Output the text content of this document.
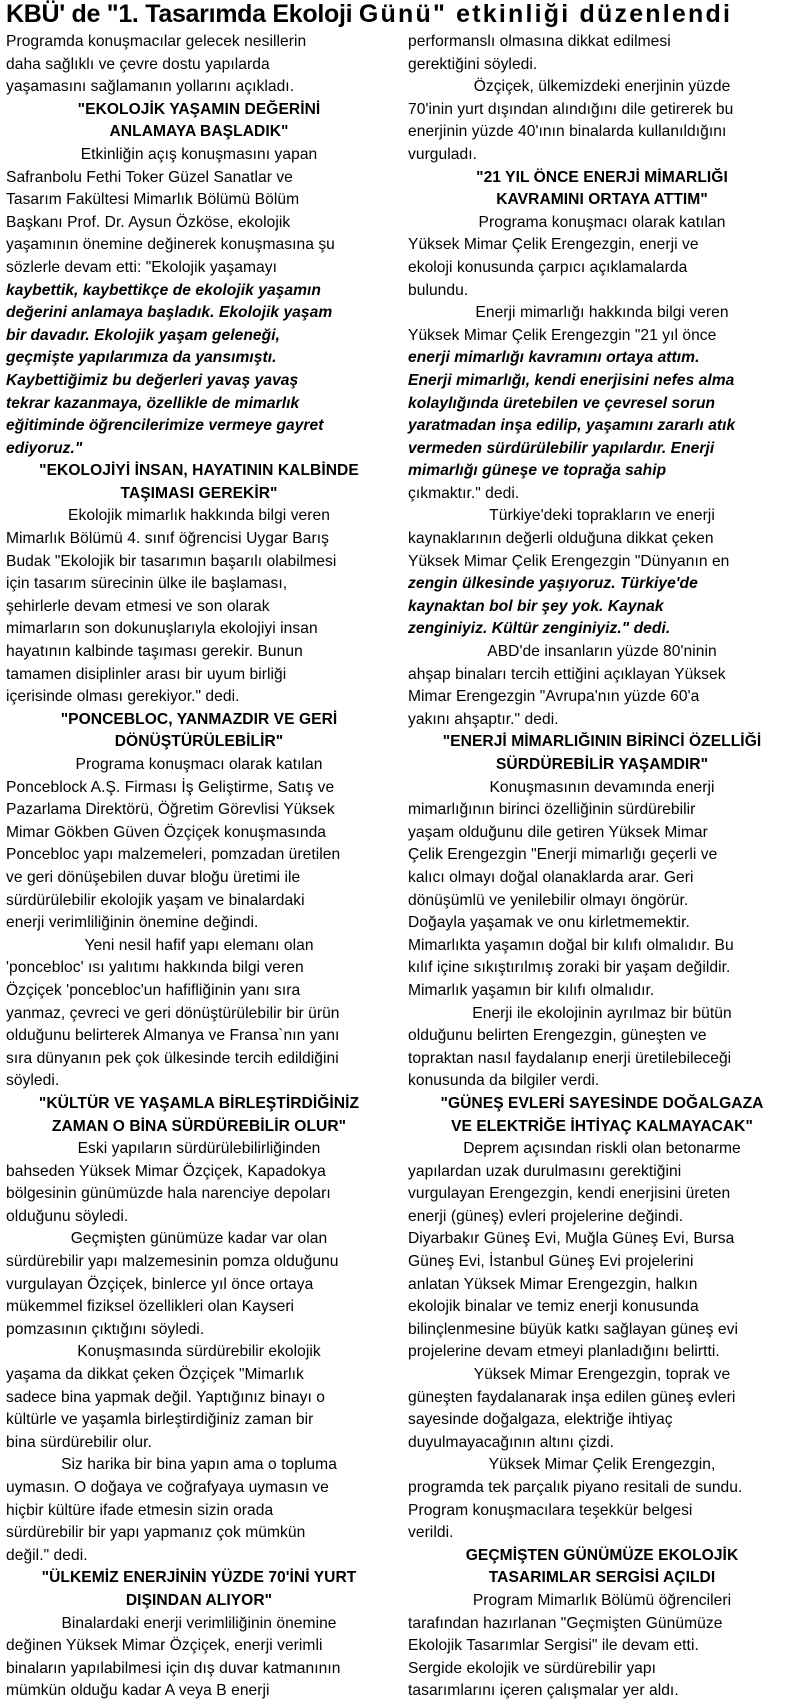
KBÜ' de "1. Tasarımda Ekoloji Günü" etkinliği düzenlendi
Programda konuşmacılar gelecek nesillerin
daha sağlıklı ve çevre dostu yapılarda
yaşamasını sağlamanın yollarını açıkladı.
"EKOLOJİK YAŞAMIN DEĞERİNİ
ANLAMAYA BAŞLADIK"
Etkinliğin açış konuşmasını yapan
Safranbolu Fethi Toker Güzel Sanatlar ve
Tasarım Fakültesi Mimarlık Bölümü Bölüm
Başkanı Prof. Dr. Aysun Özköse, ekolojik
yaşamının önemine değinerek konuşmasına şu
sözlerle devam etti: "Ekolojik yaşamayı
kaybettik, kaybettikçe de ekolojik yaşamın
değerini anlamaya başladık. Ekolojik yaşam
bir davadır. Ekolojik yaşam geleneği,
geçmişte yapılarımıza da yansımıştı.
Kaybettiğimiz bu değerleri yavaş yavaş
tekrar kazanmaya, özellikle de mimarlık
eğitiminde öğrencilerimize vermeye gayret
ediyoruz."
"EKOLOJİYİ İNSAN, HAYATININ KALBİNDE
TAŞIMASI GEREKİR"
Ekolojik mimarlık hakkında bilgi veren
Mimarlık Bölümü 4. sınıf öğrencisi Uygar Barış
Budak "Ekolojik bir tasarımın başarılı olabilmesi
için tasarım sürecinin ülke ile başlaması,
şehirlerle devam etmesi ve son olarak
mimarların son dokunuşlarıyla ekolojiyi insan
hayatının kalbinde taşıması gerekir. Bunun
tamamen disiplinler arası bir uyum birliği
içerisinde olması gerekiyor." dedi.
"PONCEBLOC, YANMAZDIR VE GERİ
DÖNÜŞTÜRÜLEBİLİR"
Programa konuşmacı olarak katılan
Ponceblock A.Ş. Firması İş Geliştirme, Satış ve
Pazarlama Direktörü, Öğretim Görevlisi Yüksek
Mimar Gökben Güven Özçiçek konuşmasında
Poncebloc yapı malzemeleri, pomzadan üretilen
ve geri dönüşebilen duvar bloğu üretimi ile
sürdürülebilir ekolojik yaşam ve binalardaki
enerji verimliliğinin önemine değindi.
Yeni nesil hafif yapı elemanı olan
'poncebloc' ısı yalıtımı hakkında bilgi veren
Özçiçek 'poncebloc'un hafifliğinin yanı sıra
yanmaz, çevreci ve geri dönüştürülebilir bir ürün
olduğunu belirterek Almanya ve Fransa`nın yanı
sıra dünyanın pek çok ülkesinde tercih edildiğini
söyledi.
"KÜLTÜR VE YAŞAMLA BİRLEŞTİRDİĞİNİZ
ZAMAN O BİNA SÜRDÜREBİLİR OLUR"
Eski yapıların sürdürülebilirliğinden
bahseden Yüksek Mimar Özçiçek, Kapadokya
bölgesinin günümüzde hala narenciye depoları
olduğunu söyledi.
Geçmişten günümüze kadar var olan
sürdürebilir yapı malzemesinin pomza olduğunu
vurgulayan Özçiçek, binlerce yıl önce ortaya
mükemmel fiziksel özellikleri olan Kayseri
pomzasının çıktığını söyledi.
Konuşmasında sürdürebilir ekolojik
yaşama da dikkat çeken Özçiçek "Mimarlık
sadece bina yapmak değil. Yaptığınız binayı o
kültürle ve yaşamla birleştirdiğiniz zaman bir
bina sürdürebilir olur.
Siz harika bir bina yapın ama o topluma
uymasın. O doğaya ve coğrafyaya uymasın ve
hiçbir kültüre ifade etmesin sizin orada
sürdürebilir bir yapı yapmanız çok mümkün
değil." dedi.
"ÜLKEMİZ ENERJİNİN YÜZDE 70'İNİ YURT
DIŞINDAN ALIYOR"
Binalardaki enerji verimliliğinin önemine
değinen Yüksek Mimar Özçiçek, enerji verimli
binaların yapılabilmesi için dış duvar katmanının
mümkün olduğu kadar A veya B enerji
performanslı olmasına dikkat edilmesi
gerektiğini söyledi.
Özçiçek, ülkemizdeki enerjinin yüzde
70'inin yurt dışından alındığını dile getirerek bu
enerjinin yüzde 40'ının binalarda kullanıldığını
vurguladı.
"21 YIL ÖNCE ENERJİ MİMARLIĞI
KAVRAMINI ORTAYA ATTIM"
Programa konuşmacı olarak katılan
Yüksek Mimar Çelik Erengezgin, enerji ve
ekoloji konusunda çarpıcı açıklamalarda
bulundu.
Enerji mimarlığı hakkında bilgi veren
Yüksek Mimar Çelik Erengezgin "21 yıl önce
enerji mimarlığı kavramını ortaya attım.
Enerji mimarlığı, kendi enerjisini nefes alma
kolaylığında üretebilen ve çevresel sorun
yaratmadan inşa edilip, yaşamını zararlı atık
vermeden sürdürülebilir yapılardır. Enerji
mimarlığı güneşe ve toprağa sahip
çıkmaktır." dedi.
Türkiye'deki toprakların ve enerji
kaynaklarının değerli olduğuna dikkat çeken
Yüksek Mimar Çelik Erengezgin "Dünyanın en
zengin ülkesinde yaşıyoruz. Türkiye'de
kaynaktan bol bir şey yok. Kaynak
zenginiyiz. Kültür zenginiyiz." dedi.
ABD'de insanların yüzde 80'ninin
ahşap binaları tercih ettiğini açıklayan Yüksek
Mimar Erengezgin "Avrupa'nın yüzde 60'a
yakını ahşaptır." dedi.
"ENERJİ MİMARLIĞININ BİRİNCİ ÖZELLİĞİ
SÜRDÜREBİLİR YAŞAMDIR"
Konuşmasının devamında enerji
mimarlığının birinci özelliğinin sürdürebilir
yaşam olduğunu dile getiren Yüksek Mimar
Çelik Erengezgin "Enerji mimarlığı geçerli ve
kalıcı olmayı doğal olanaklarda arar. Geri
dönüşümlü ve yenilebilir olmayı öngörür.
Doğayla yaşamak ve onu kirletmemektir.
Mimarlıkta yaşamın doğal bir kılıfı olmalıdır. Bu
kılıf içine sıkıştırılmış zoraki bir yaşam değildir.
Mimarlık yaşamın bir kılıfı olmalıdır.
Enerji ile ekolojinin ayrılmaz bir bütün
olduğunu belirten Erengezgin, güneşten ve
topraktan nasıl faydalanıp enerji üretilebileceği
konusunda da bilgiler verdi.
"GÜNEŞ EVLERİ SAYESİNDE DOĞALGAZA
VE ELEKTRİĞE İHTİYAÇ KALMAYACAK"
Deprem açısından riskli olan betonarme
yapılardan uzak durulmasını gerektiğini
vurgulayan Erengezgin, kendi enerjisini üreten
enerji (güneş) evleri projelerine değindi.
Diyarbakır Güneş Evi, Muğla Güneş Evi, Bursa
Güneş Evi, İstanbul Güneş Evi projelerini
anlatan Yüksek Mimar Erengezgin, halkın
ekolojik binalar ve temiz enerji konusunda
bilinçlenmesine büyük katkı sağlayan güneş evi
projelerine devam etmeyi planladığını belirtti.
Yüksek Mimar Erengezgin, toprak ve
güneşten faydalanarak inşa edilen güneş evleri
sayesinde doğalgaza, elektriğe ihtiyaç
duyulmayacağının altını çizdi.
Yüksek Mimar Çelik Erengezgin,
programda tek parçalık piyano resitali de sundu.
Program konuşmacılara teşekkür belgesi
verildi.
GEÇMİŞTEN GÜNÜMÜZE EKOLOJİK
TASARIMLAR SERGİSİ AÇILDI
Program Mimarlık Bölümü öğrencileri
tarafından hazırlanan "Geçmişten Günümüze
Ekolojik Tasarımlar Sergisi" ile devam etti.
Sergide ekolojik ve sürdürebilir yapı
tasarımlarını içeren çalışmalar yer aldı.
